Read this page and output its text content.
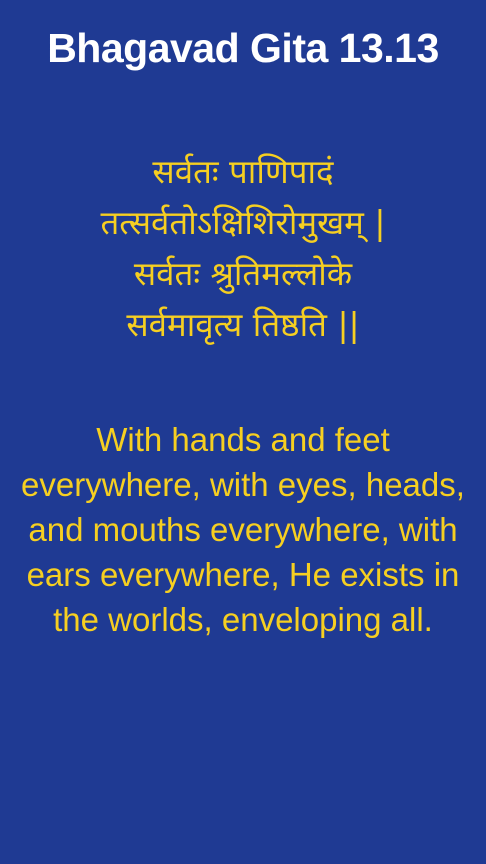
Bhagavad Gita 13.13
सर्वतः पाणिपादं
तत्सर्वतोऽक्षिशिरोमुखम् |
सर्वतः श्रुतिमल्लोके
सर्वमावृत्य तिष्ठति ||
With hands and feet everywhere, with eyes, heads, and mouths everywhere, with ears everywhere, He exists in the worlds, enveloping all.
